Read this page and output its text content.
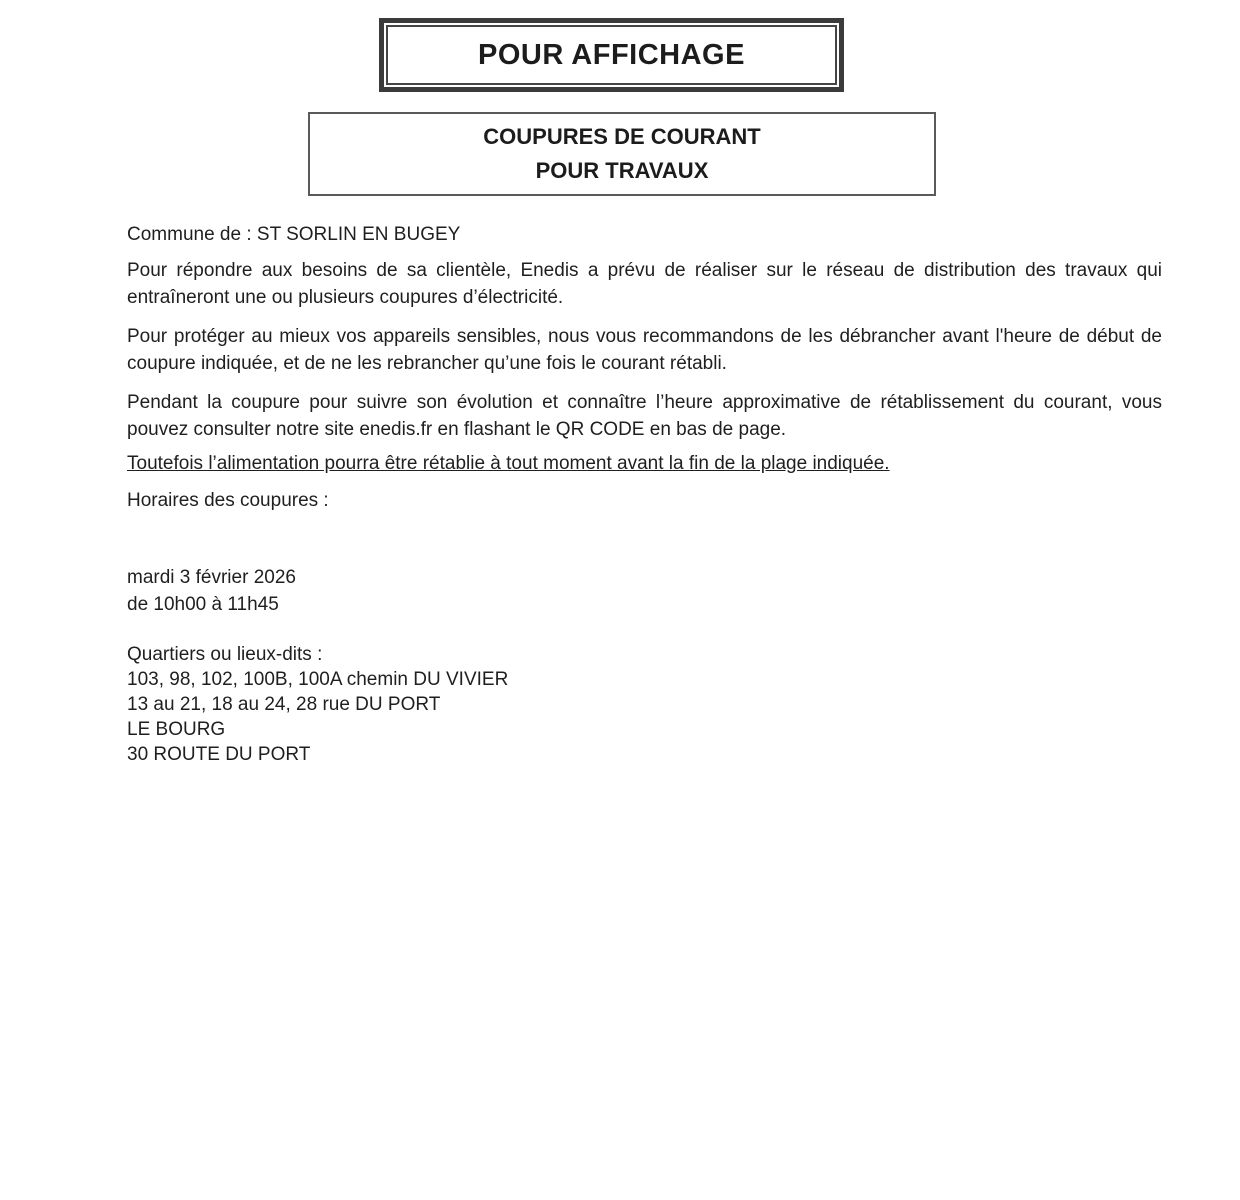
POUR AFFICHAGE
COUPURES DE COURANT
POUR TRAVAUX
Commune de : ST SORLIN EN BUGEY
Pour répondre aux besoins de sa clientèle, Enedis a prévu de réaliser sur le réseau de distribution des travaux qui entraîneront une ou plusieurs coupures d’électricité.
Pour protéger au mieux vos appareils sensibles, nous vous recommandons de les débrancher avant l'heure de début de coupure indiquée, et de ne les rebrancher qu’une fois le courant rétabli.
Pendant la coupure pour suivre son évolution et connaître l’heure approximative de rétablissement du courant, vous pouvez consulter notre site enedis.fr en flashant le QR CODE en bas de page.
Toutefois l’alimentation pourra être rétablie à tout moment avant la fin de la plage indiquée.
Horaires des coupures :
mardi 3 février 2026
de 10h00 à 11h45
Quartiers ou lieux-dits :
103, 98, 102, 100B, 100A chemin DU VIVIER
13 au 21, 18 au 24, 28 rue DU PORT
LE BOURG
30 ROUTE DU PORT
